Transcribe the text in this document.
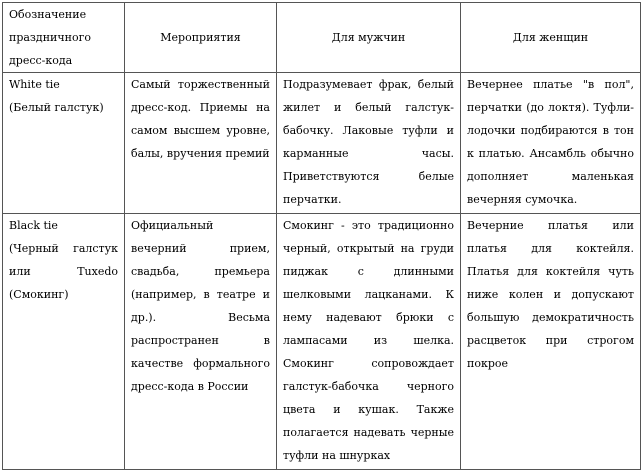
Обозначение праздничного дресс-кода	Мероприятия	Для мужчин	Для женщин

White tie
(Белый галстук)	Самый торжественный дресс-код. Приемы на самом высшем уровне, балы, вручения премий	Подразумевает фрак, белый жилет и белый галстук-бабочку. Лаковые туфли и карманные часы. Приветствуются белые перчатки.	Вечернее платье "в пол", перчатки (до локтя). Туфли-лодочки подбираются в тон к платью. Ансамбль обычно дополняет маленькая вечерняя сумочка.

Black tie
(Черный галстук или Tuxedo (Смокинг)	Официальный вечерний прием, свадьба, премьера (например, в театре и др.). Весьма распространен в качестве формального дресс-кода в России	Смокинг - это традиционно черный, открытый на груди пиджак с длинными шелковыми лацканами. К нему надевают брюки с лампасами из шелка. Смокинг сопровождает галстук-бабочка черного цвета и кушак. Также полагается надевать черные туфли на шнурках	Вечерние платья или платья для коктейля. Платья для коктейля чуть ниже колен и допускают большую демократичность расцветок при строгом покрое
